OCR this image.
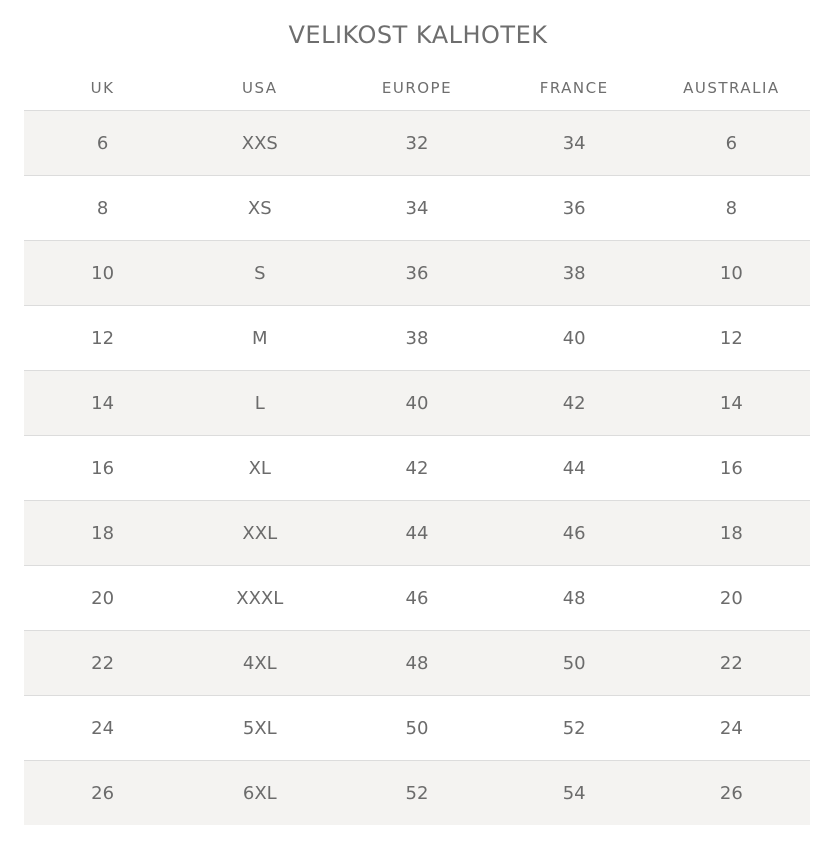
VELIKOST KALHOTEK
UK	USA	EUROPE	FRANCE	AUSTRALIA
6	XXS	32	34	6
8	XS	34	36	8
10	S	36	38	10
12	M	38	40	12
14	L	40	42	14
16	XL	42	44	16
18	XXL	44	46	18
20	XXXL	46	48	20
22	4XL	48	50	22
24	5XL	50	52	24
26	6XL	52	54	26
